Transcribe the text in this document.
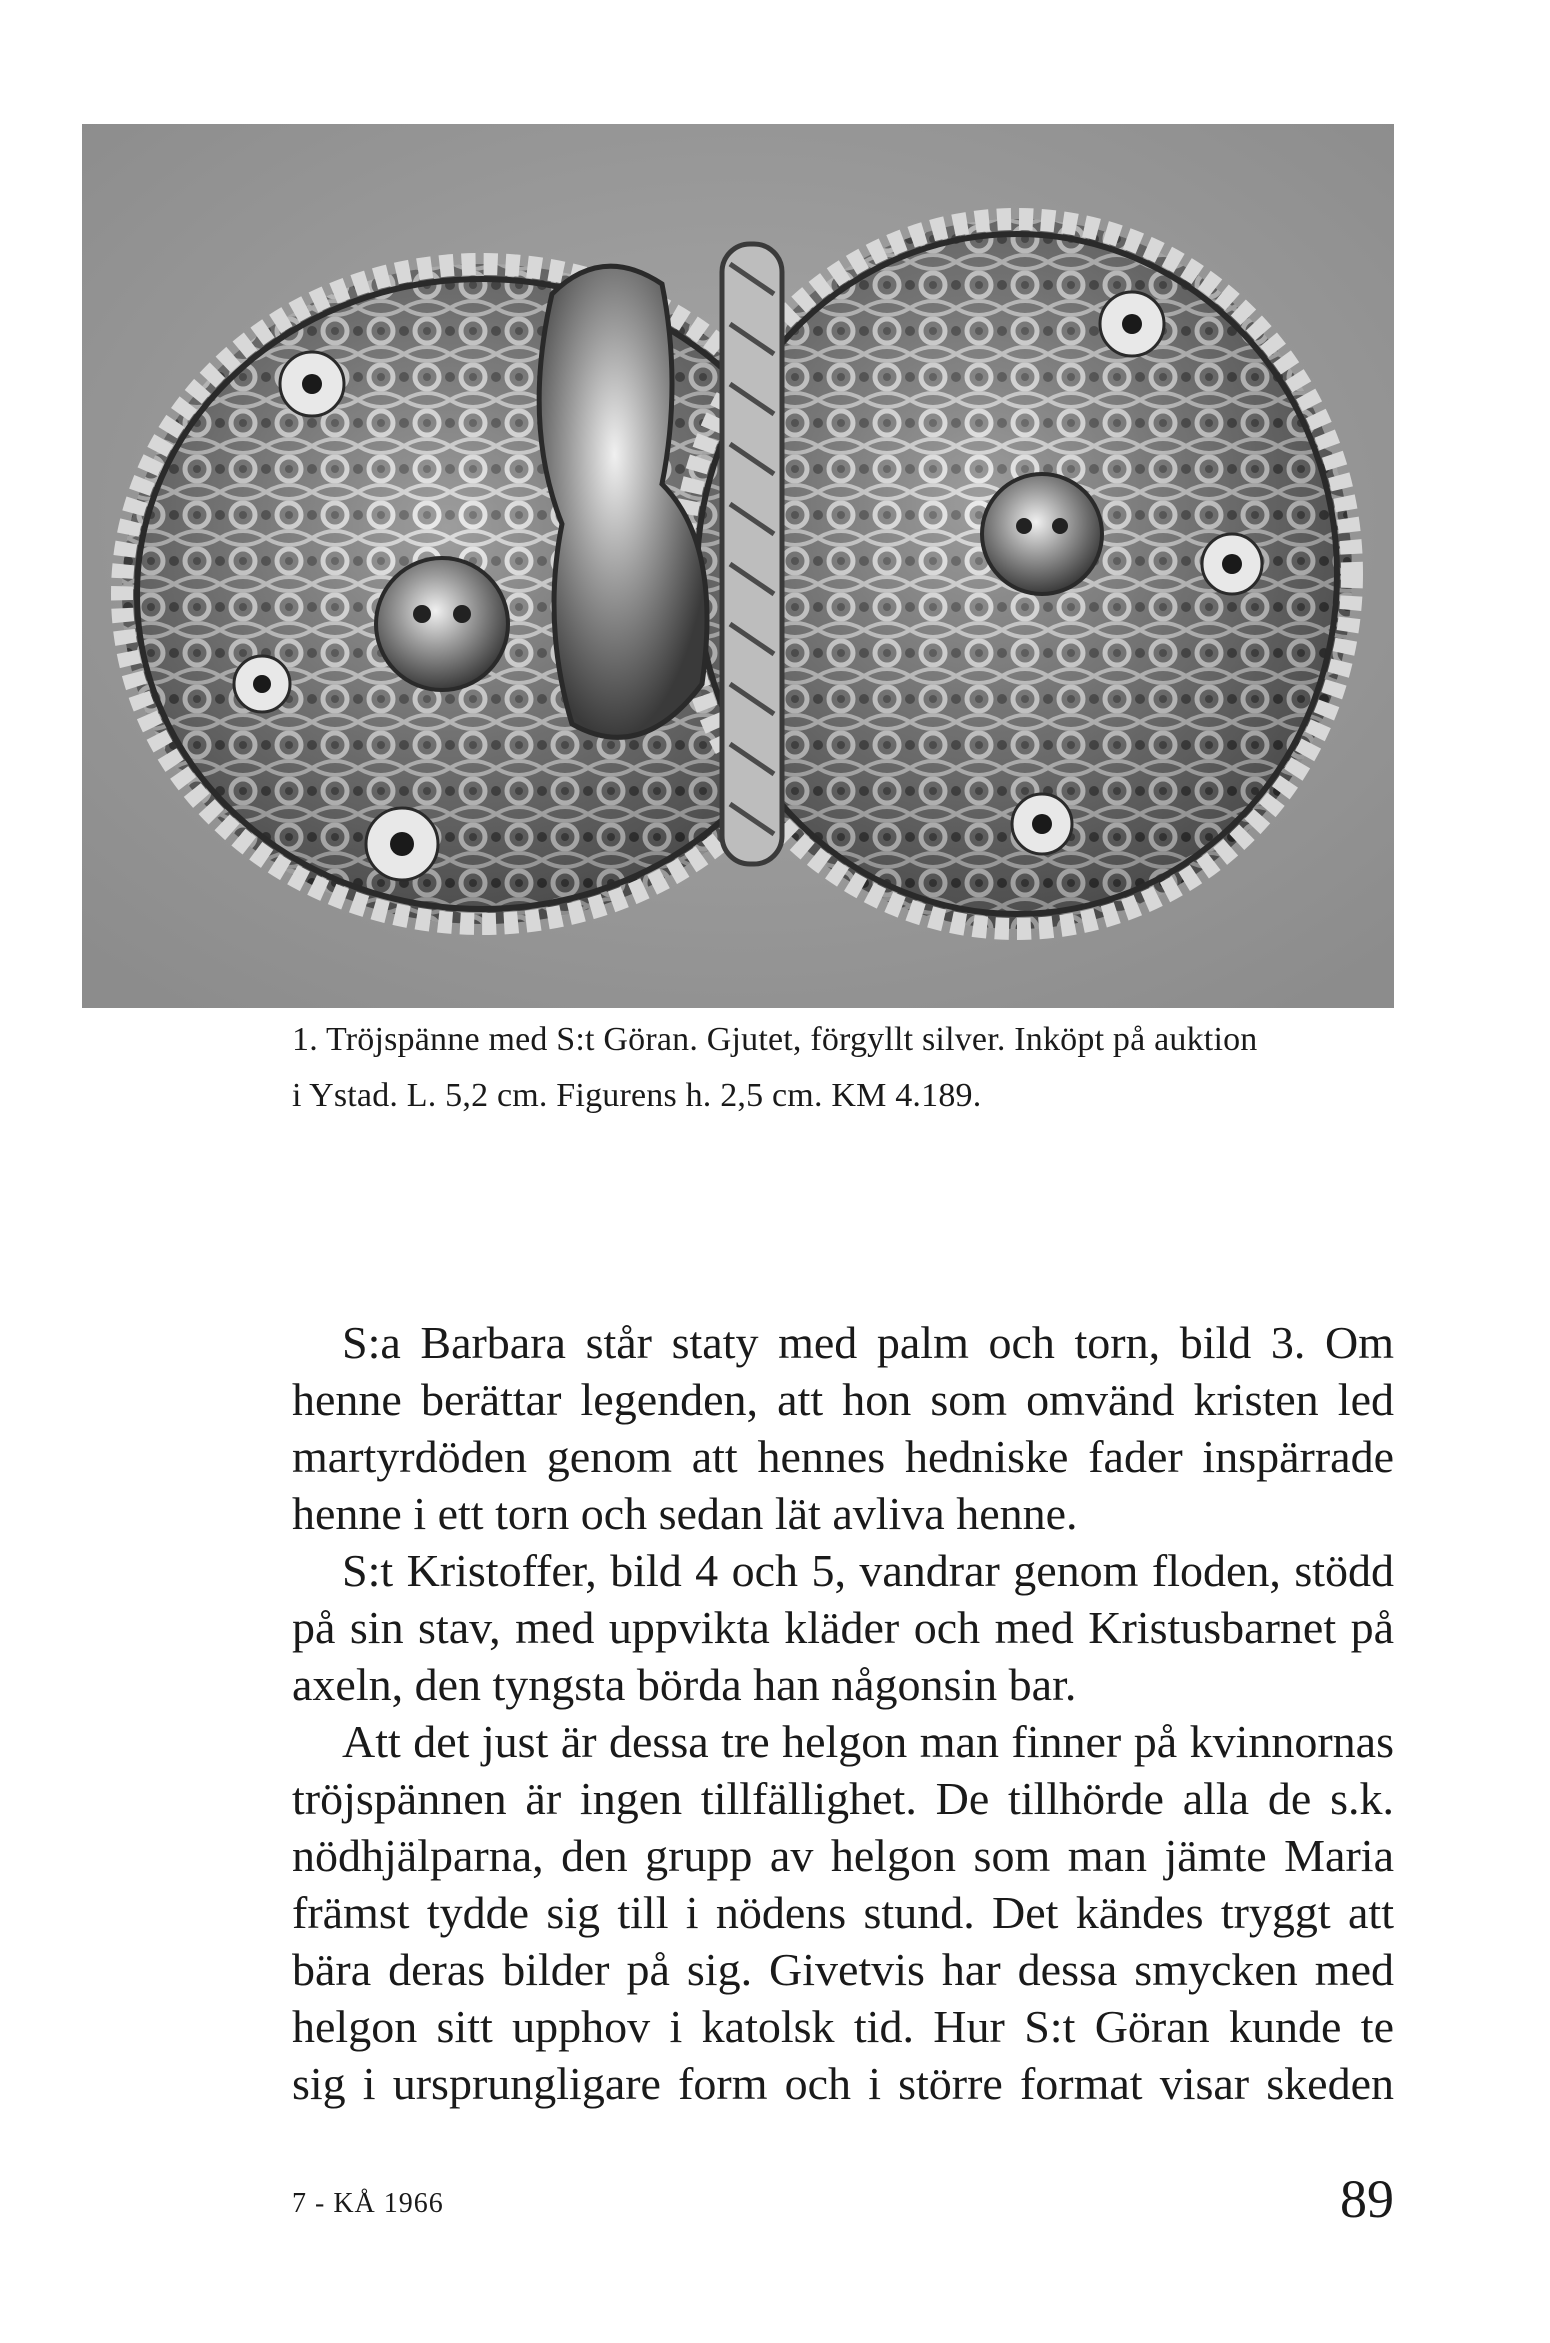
1. Tröjspänne med S:t Göran. Gjutet, förgyllt silver. Inköpt på auktion
i Ystad. L. 5,2 cm. Figurens h. 2,5 cm. KM 4.189.

S:a Barbara står staty med palm och torn, bild 3. Om
henne berättar legenden, att hon som omvänd kristen led
martyrdöden genom att hennes hedniske fader inspärrade
henne i ett torn och sedan lät avliva henne.

S:t Kristoffer, bild 4 och 5, vandrar genom floden, stödd
på sin stav, med uppvikta kläder och med Kristusbarnet på
axeln, den tyngsta börda han någonsin bar.

Att det just är dessa tre helgon man finner på kvinnornas
tröjspännen är ingen tillfällighet. De tillhörde alla de s.k.
nödhjälparna, den grupp av helgon som man jämte Maria
främst tydde sig till i nödens stund. Det kändes tryggt att
bära deras bilder på sig. Givetvis har dessa smycken med
helgon sitt upphov i katolsk tid. Hur S:t Göran kunde te
sig i ursprungligare form och i större format visar skeden

7 - KÅ 1966	89
